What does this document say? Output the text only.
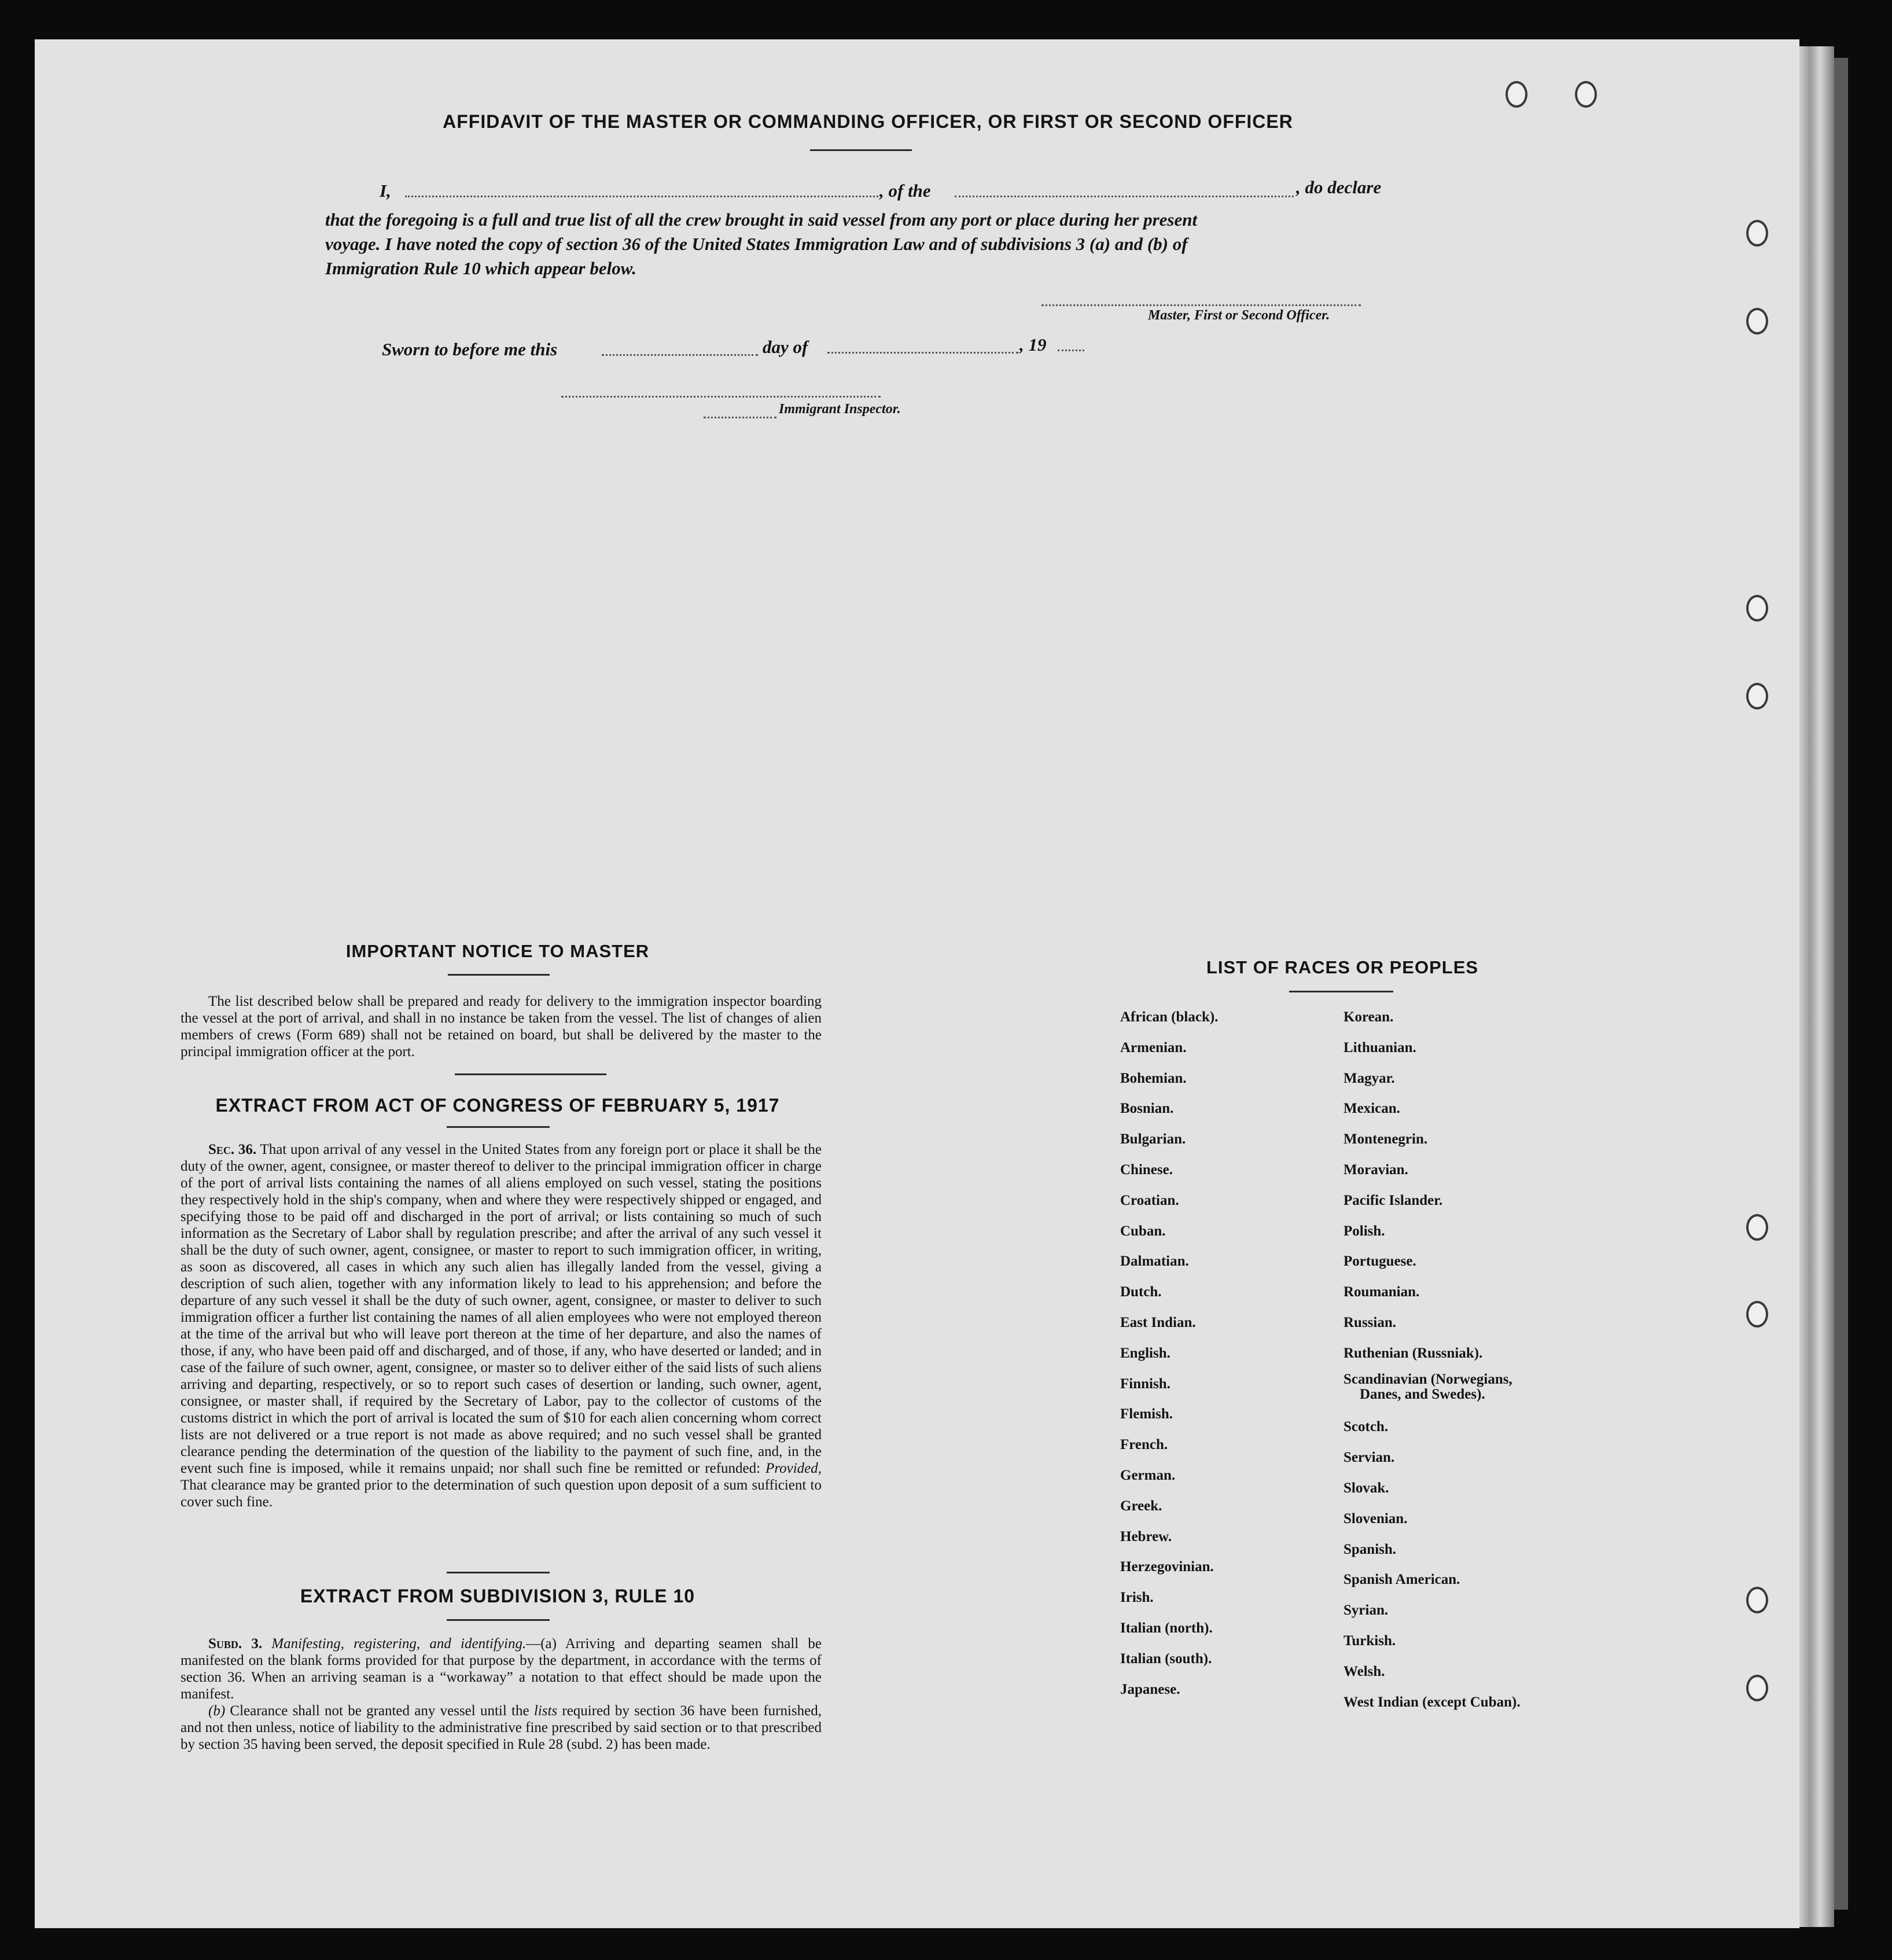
AFFIDAVIT OF THE MASTER OR COMMANDING OFFICER, OR FIRST OR SECOND OFFICER
I,	, of the	, do declare
that the foregoing is a full and true list of all the crew brought in said vessel from any port or place during her present
voyage. I have noted the copy of section 36 of the United States Immigration Law and of subdivisions 3 (a) and (b) of
Immigration Rule 10 which appear below.
Master, First or Second Officer.
Sworn to before me this	day of	, 19
Immigrant Inspector.
IMPORTANT NOTICE TO MASTER

The list described below shall be prepared and ready for delivery to the immigration inspector boarding the vessel at the port of arrival, and shall in no instance be taken from the vessel. The list of changes of alien members of crews (Form 689) shall not be retained on board, but shall be delivered by the master to the principal immigration officer at the port.

EXTRACT FROM ACT OF CONGRESS OF FEBRUARY 5, 1917

Sec. 36. That upon arrival of any vessel in the United States from any foreign port or place it shall be the duty of the owner, agent, consignee, or master thereof to deliver to the principal immigration officer in charge of the port of arrival lists containing the names of all aliens employed on such vessel, stating the positions they respectively hold in the ship's company, when and where they were respectively shipped or engaged, and specifying those to be paid off and discharged in the port of arrival; or lists containing so much of such information as the Secretary of Labor shall by regulation prescribe; and after the arrival of any such vessel it shall be the duty of such owner, agent, consignee, or master to report to such immigration officer, in writing, as soon as discovered, all cases in which any such alien has illegally landed from the vessel, giving a description of such alien, together with any information likely to lead to his apprehension; and before the departure of any such vessel it shall be the duty of such owner, agent, consignee, or master to deliver to such immigration officer a further list containing the names of all alien employees who were not employed thereon at the time of the arrival but who will leave port thereon at the time of her departure, and also the names of those, if any, who have been paid off and discharged, and of those, if any, who have deserted or landed; and in case of the failure of such owner, agent, consignee, or master so to deliver either of the said lists of such aliens arriving and departing, respectively, or so to report such cases of desertion or landing, such owner, agent, consignee, or master shall, if required by the Secretary of Labor, pay to the collector of customs of the customs district in which the port of arrival is located the sum of $10 for each alien concerning whom correct lists are not delivered or a true report is not made as above required; and no such vessel shall be granted clearance pending the determination of the question of the liability to the payment of such fine, and, in the event such fine is imposed, while it remains unpaid; nor shall such fine be remitted or refunded: Provided, That clearance may be granted prior to the determination of such question upon deposit of a sum sufficient to cover such fine.

EXTRACT FROM SUBDIVISION 3, RULE 10

Subd. 3. Manifesting, registering, and identifying.—(a) Arriving and departing seamen shall be manifested on the blank forms provided for that purpose by the department, in accordance with the terms of section 36. When an arriving seaman is a “workaway” a notation to that effect should be made upon the manifest.

(b) Clearance shall not be granted any vessel until the lists required by section 36 have been furnished, and not then unless, notice of liability to the administrative fine prescribed by said section or to that prescribed by section 35 having been served, the deposit specified in Rule 28 (subd. 2) has been made.

LIST OF RACES OR PEOPLES
African (black).
Armenian.
Bohemian.
Bosnian.
Bulgarian.
Chinese.
Croatian.
Cuban.
Dalmatian.
Dutch.
East Indian.
English.
Finnish.
Flemish.
French.
German.
Greek.
Hebrew.
Herzegovinian.
Irish.
Italian (north).
Italian (south).
Japanese.
Korean.
Lithuanian.
Magyar.
Mexican.
Montenegrin.
Moravian.
Pacific Islander.
Polish.
Portuguese.
Roumanian.
Russian.
Ruthenian (Russniak).
Scandinavian (Norwegians,
Danes, and Swedes).
Scotch.
Servian.
Slovak.
Slovenian.
Spanish.
Spanish American.
Syrian.
Turkish.
Welsh.
West Indian (except Cuban).
